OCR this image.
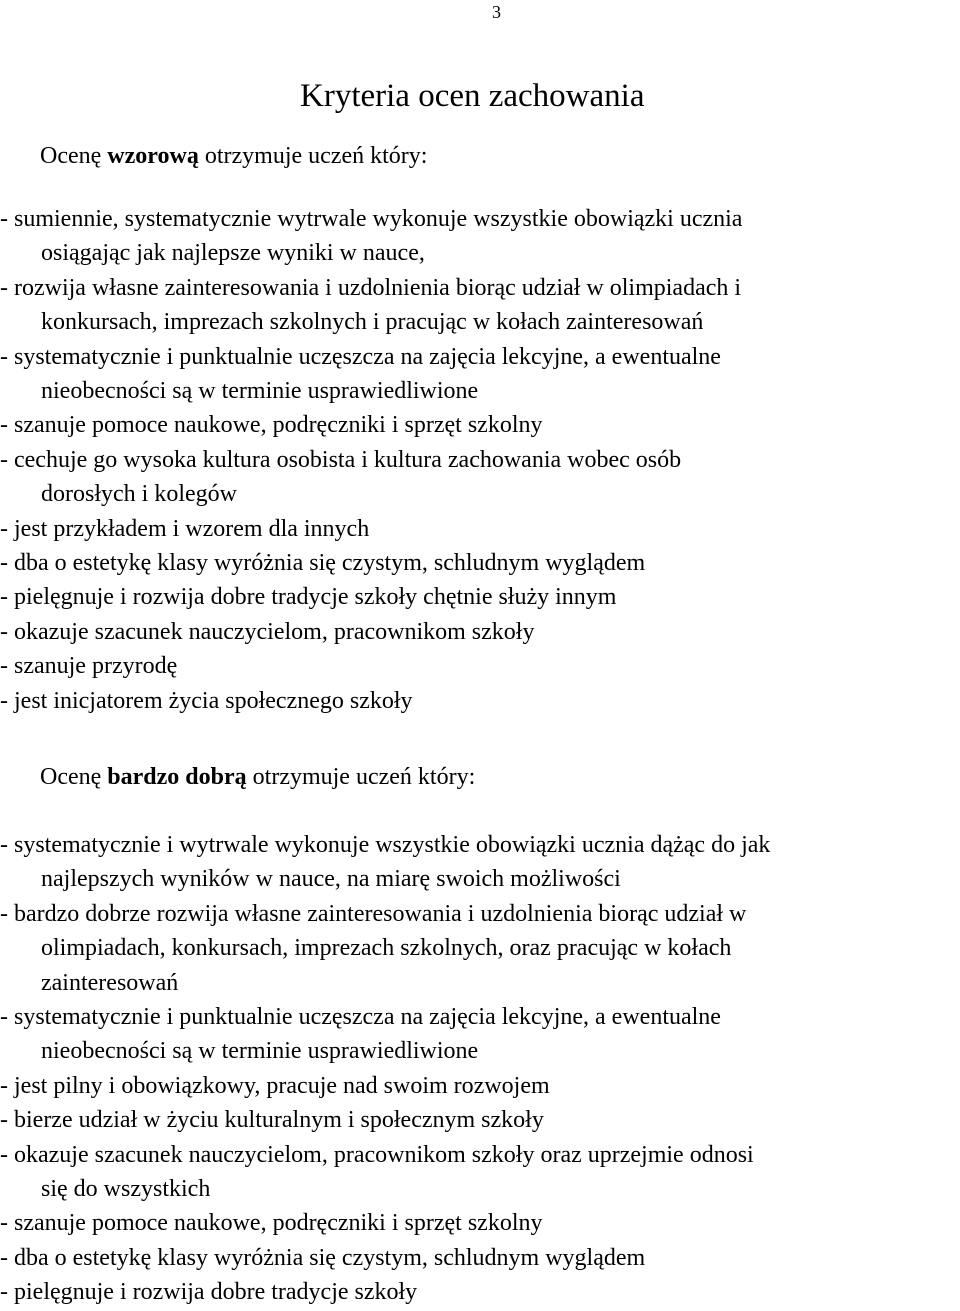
3
Kryteria ocen zachowania

Ocenę wzorową otrzymuje uczeń który:

- sumiennie, systematycznie wytrwale wykonuje wszystkie obowiązki ucznia
osiągając jak najlepsze wyniki w nauce,
- rozwija własne zainteresowania i uzdolnienia biorąc udział w olimpiadach i
konkursach, imprezach szkolnych i pracując w kołach zainteresowań
- systematycznie i punktualnie uczęszcza na zajęcia lekcyjne, a ewentualne
nieobecności są w terminie usprawiedliwione
- szanuje pomoce naukowe, podręczniki i sprzęt szkolny
- cechuje go wysoka kultura osobista i kultura zachowania wobec osób
dorosłych i kolegów
- jest przykładem i wzorem dla innych
- dba o estetykę klasy wyróżnia się czystym, schludnym wyglądem
- pielęgnuje i rozwija dobre tradycje szkoły chętnie służy innym
- okazuje szacunek nauczycielom, pracownikom szkoły
- szanuje przyrodę
- jest inicjatorem życia społecznego szkoły

Ocenę bardzo dobrą otrzymuje uczeń który:

- systematycznie i wytrwale wykonuje wszystkie obowiązki ucznia dążąc do jak
najlepszych wyników w nauce, na miarę swoich możliwości
- bardzo dobrze rozwija własne zainteresowania i uzdolnienia biorąc udział w
olimpiadach, konkursach, imprezach szkolnych, oraz pracując w kołach
zainteresowań
- systematycznie i punktualnie uczęszcza na zajęcia lekcyjne, a ewentualne
nieobecności są w terminie usprawiedliwione
- jest pilny i obowiązkowy, pracuje nad swoim rozwojem
- bierze udział w życiu kulturalnym i społecznym szkoły
- okazuje szacunek nauczycielom, pracownikom szkoły oraz uprzejmie odnosi
się do wszystkich
- szanuje pomoce naukowe, podręczniki i sprzęt szkolny
- dba o estetykę klasy wyróżnia się czystym, schludnym wyglądem
- pielęgnuje i rozwija dobre tradycje szkoły
